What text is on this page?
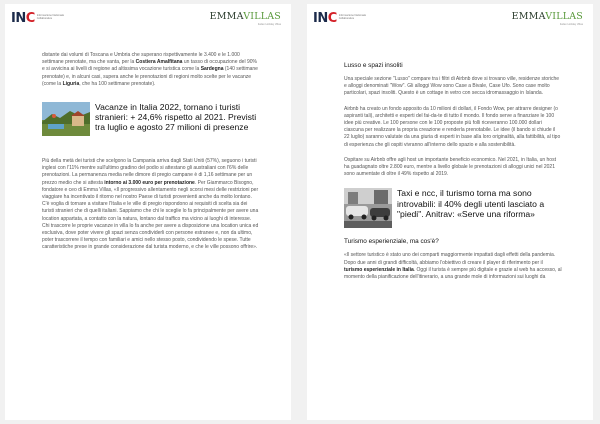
INC Informazione Nazionale Collaborativa	EMMAVILLAS
Italian Holiday Villas

distante dai volumi di Toscana e Umbria che superano rispettivamente le 3.400 e le 1.000 settimane prenotate, ma che vanta, per la Costiera Amalfitana un tasso di occupazione del 90% e si avvicina ai livelli di regione ad altissima vocazione turistica come la Sardegna (140 settimane prenotate) e, in alcuni casi, supera anche le prenotazioni di regioni molto scelte per le vacanze (come la Liguria, che ha 100 settimane prenotate).

Vacanze in Italia 2022, tornano i turisti stranieri: + 24,6% rispetto al 2021. Previsti tra luglio e agosto 27 milioni di presenze

Più della metà dei turisti che scelgono la Campania arriva dagli Stati Uniti (57%), seguono i turisti inglesi con l'11% mentre sull'ultimo gradino del podio si attestano gli australiani con l'6% delle prenotazioni. La permanenza media nelle dimore di pregio campane è di 1,16 settimane per un prezzo medio che si attesta intorno ai 3.000 euro per prenotazione. Per Giammarco Bisogno, fondatore e ceo di Emma Villas, «Il progressivo allentamento negli scorsi mesi delle restrizioni per viaggiare ha incentivato il ritorno nel nostro Paese di turisti provenienti anche da molto lontano. C'è voglia di tornare a visitare l'Italia e le ville di pregio rispondono ai requisiti di scelta sia dei turisti stranieri che di quelli italiani. Sappiamo che chi le sceglie lo fa principalmente per avere una location appartata, a contatto con la natura, lontano dal traffico ma vicino ai luoghi di interesse. Chi trascorre le proprie vacanze in villa lo fa anche per avere a disposizione una location unica ed esclusiva, dove poter vivere gli spazi senza condividerli con persone estranee e, non da ultimo, poter trascorrere il tempo con familiari e amici nello stesso posto, condividendo le spese. Tutte caratteristiche prese in grande considerazione dal turista moderno, e che le ville possono offrire».

INC Informazione Nazionale Collaborativa	EMMAVILLAS
Italian Holiday Villas
Lusso e spazi insoliti

Una speciale sezione "Lusso" compare tra i filtri di Airbnb dove si trovano ville, residenze storiche e alloggi denominati "Wow". Gli alloggi Wow sono Case a Bivale, Case Ufo. Sono case molto particolari, spazi insoliti. Questo è un cottage in vetro con secca idromassaggio in Islanda.

Airbnb ha creato un fondo apposito da 10 milioni di dollari, il Fondo Wow, per attrarre designer (o aspiranti tali), architetti e esperti del fai-da-te di tutto il mondo. Il fondo serve a finanziare le 100 idee più creative. Le 100 persone con le 100 proposte più folli riceveranno 100.000 dollari ciascuna per realizzare la propria creazione e renderla prenotabile. Le idee (il bando si chiude il 22 luglio) saranno valutate da una giuria di esperti in base alla loro originalità, alla fattibilità, al tipo di esperienza che gli ospiti vivranno all'interno dello spazio e alla sostenibilità.

Ospitare su Airbnb offre agli host un importante beneficio economico. Nel 2021, in Italia, un host ha guadagnato oltre 2.800 euro, mentre a livello globale le prenotazioni di alloggi unici nel 2021 sono aumentate di oltre il 49% rispetto al 2019.

Taxi e ncc, il turismo torna ma sono introvabili: il 40% degli utenti lasciato a "piedi". Anitrav: «Serve una riforma»
Turismo esperienziale, ma cos'è?

«Il settore turistico è stato uno dei comparti maggiormente impattati dagli effetti della pandemia. Dopo due anni di grandi difficoltà, abbiamo l'obiettivo di creare il player di riferimento per il turismo esperienziale in Italia. Oggi il turista è sempre più digitale e grazie al web ha accesso, al momento della pianificazione dell'itinerario, a una grande mole di informazioni sui luoghi da
